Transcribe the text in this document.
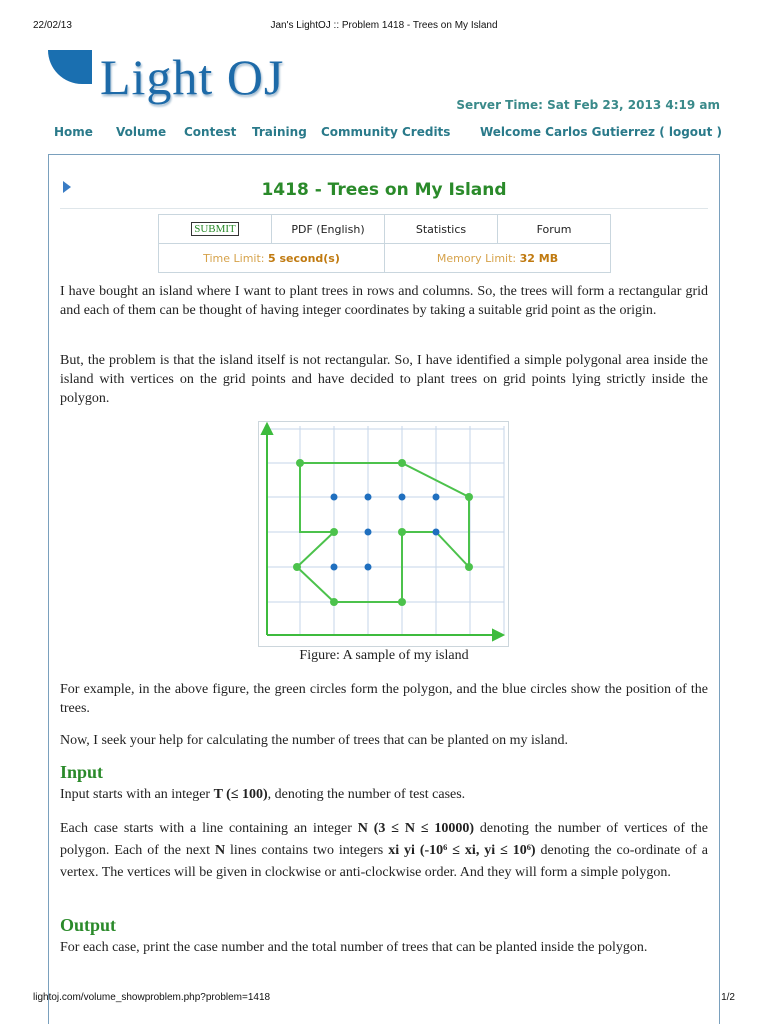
22/02/13	Jan's LightOJ :: Problem 1418 - Trees on My Island
Light OJ	Server Time: Sat Feb 23, 2013 4:19 am
Home Volume Contest Training Community Credits Welcome Carlos Gutierrez ( logout )
1418 - Trees on My Island
SUBMIT	PDF (English)	Statistics	Forum
Time Limit: 5 second(s)		Memory Limit: 32 MB	
I have bought an island where I want to plant trees in rows and columns. So, the trees will form a rectangular grid and each of them can be thought of having integer coordinates by taking a suitable grid point as the origin.
But, the problem is that the island itself is not rectangular. So, I have identified a simple polygonal area inside the island with vertices on the grid points and have decided to plant trees on grid points lying strictly inside the polygon.
Figure: A sample of my island
For example, in the above figure, the green circles form the polygon, and the blue circles show the position of the trees.
Now, I seek your help for calculating the number of trees that can be planted on my island.
Input
Input starts with an integer T (≤ 100), denoting the number of test cases.
Each case starts with a line containing an integer N (3 ≤ N ≤ 10000) denoting the number of vertices of the polygon. Each of the next N lines contains two integers xi yi (-10⁶ ≤ xi, yi ≤ 10⁶) denoting the co-ordinate of a vertex. The vertices will be given in clockwise or anti-clockwise order. And they will form a simple polygon.
Output
For each case, print the case number and the total number of trees that can be planted inside the polygon.
lightoj.com/volume_showproblem.php?problem=1418	1/2
